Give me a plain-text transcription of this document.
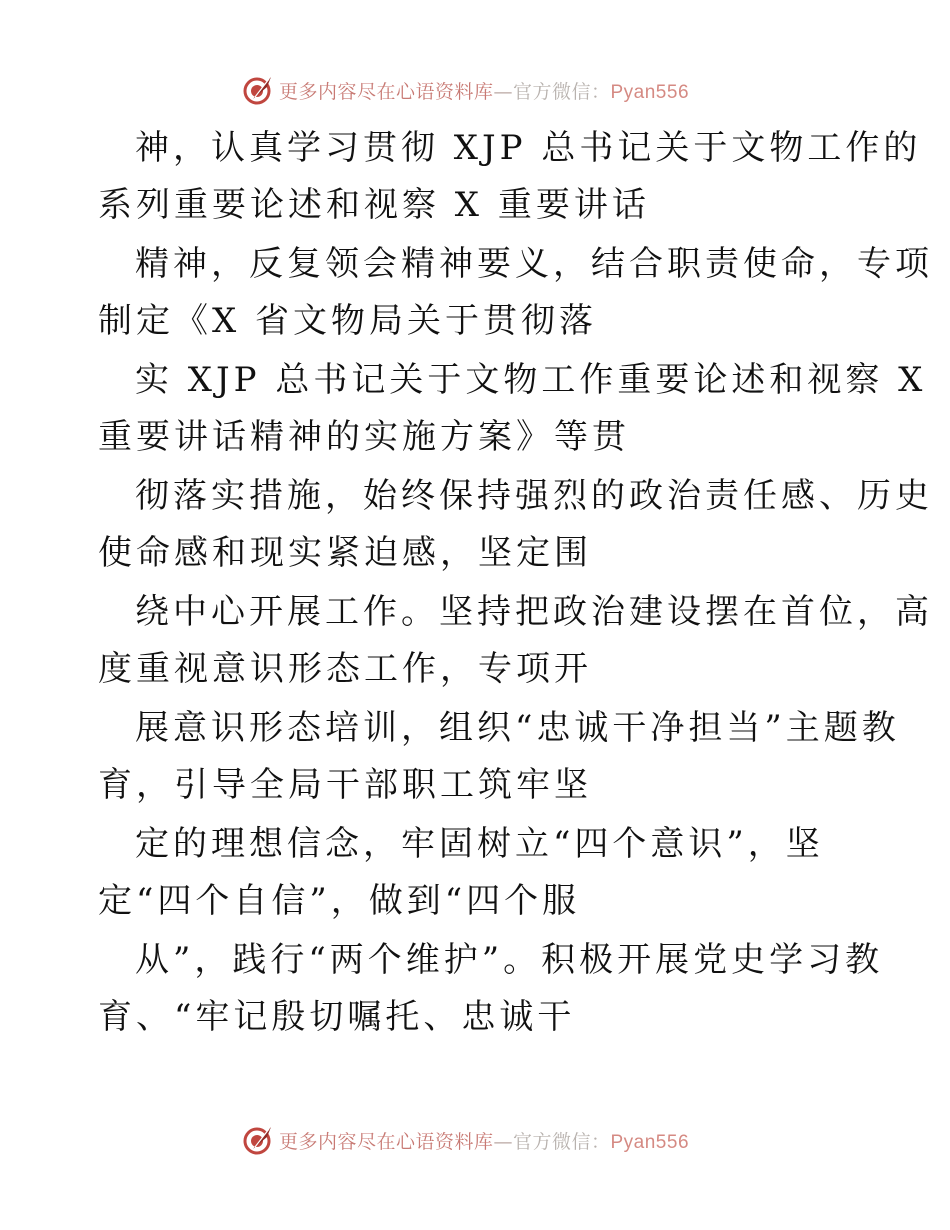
更多内容尽在心语资料库—官方微信：Pyan556
神，认真学习贯彻 XJP 总书记关于文物工作的
系列重要论述和视察 X 重要讲话
精神，反复领会精神要义，结合职责使命，专项
制定《X 省文物局关于贯彻落
实 XJP 总书记关于文物工作重要论述和视察 X
重要讲话精神的实施方案》等贯
彻落实措施，始终保持强烈的政治责任感、历史
使命感和现实紧迫感，坚定围
绕中心开展工作。坚持把政治建设摆在首位，高
度重视意识形态工作，专项开
展意识形态培训，组织“忠诚干净担当”主题教
育，引导全局干部职工筑牢坚
定的理想信念，牢固树立“四个意识”，坚
定“四个自信”，做到“四个服
从”，践行“两个维护”。积极开展党史学习教
育、“牢记殷切嘱托、忠诚干
更多内容尽在心语资料库—官方微信：Pyan556
